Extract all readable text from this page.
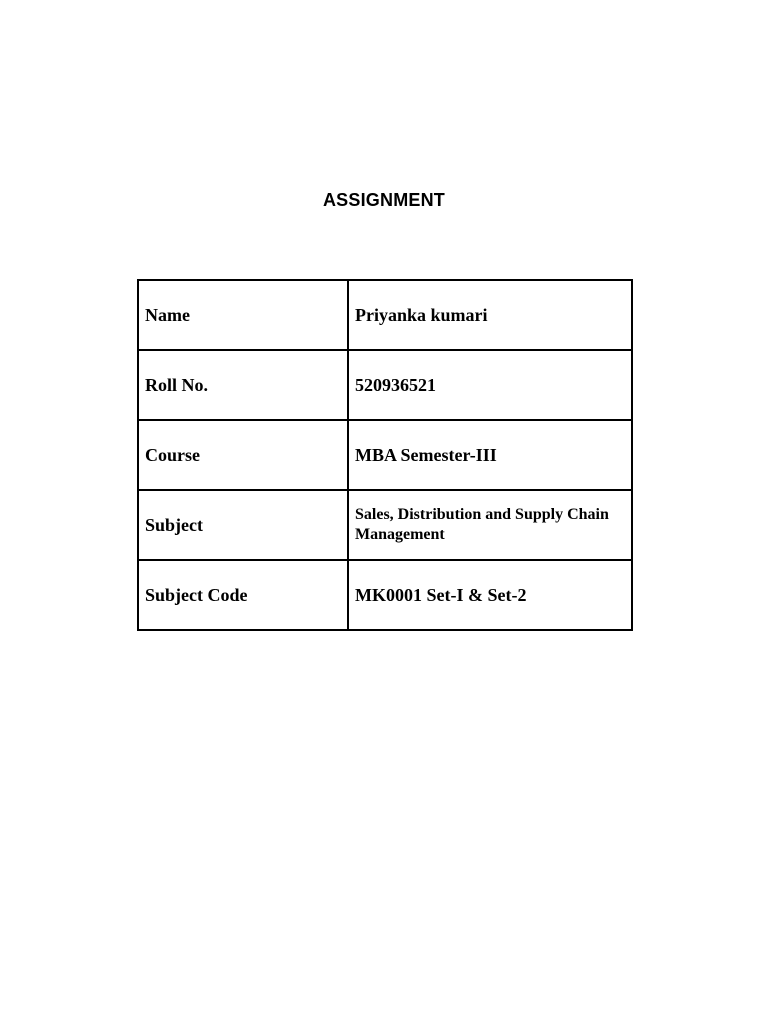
ASSIGNMENT
Name	Priyanka kumari
Roll No.	520936521
Course	MBA Semester-III
Subject	Sales, Distribution and Supply Chain Management
Subject Code	MK0001 Set-I & Set-2
